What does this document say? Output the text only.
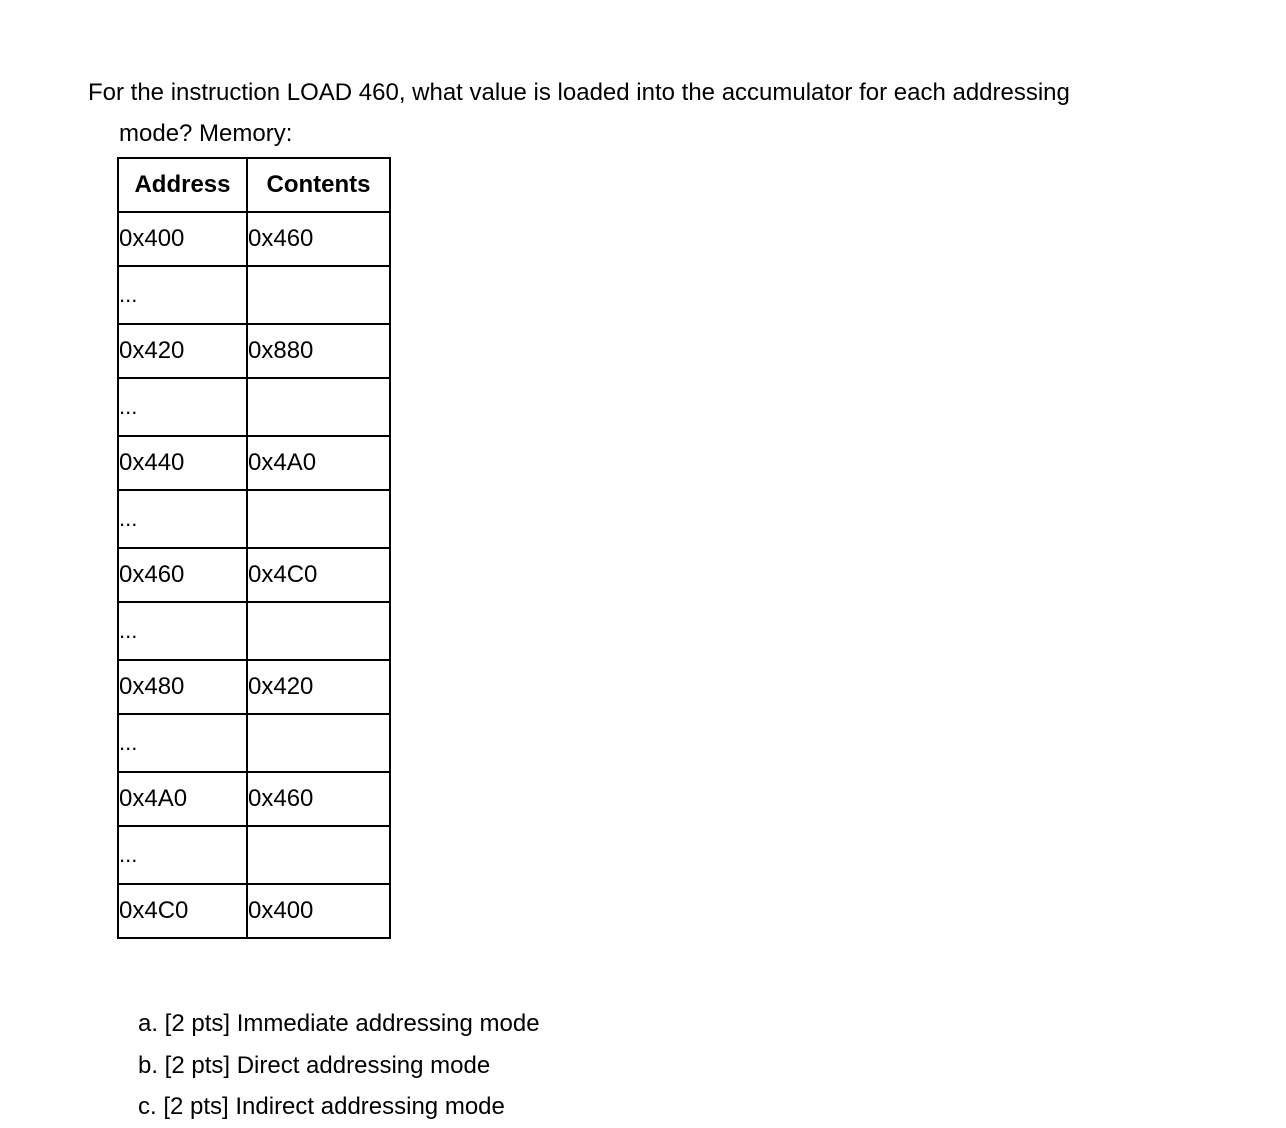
For the instruction LOAD 460, what value is loaded into the accumulator for each addressing
mode? Memory:
Address	Contents
0x400	0x460
...	
0x420	0x880
...	
0x440	0x4A0
...	
0x460	0x4C0
...	
0x480	0x420
...	
0x4A0	0x460
...	
0x4C0	0x400
a. [2 pts] Immediate addressing mode
b. [2 pts] Direct addressing mode
c. [2 pts] Indirect addressing mode
